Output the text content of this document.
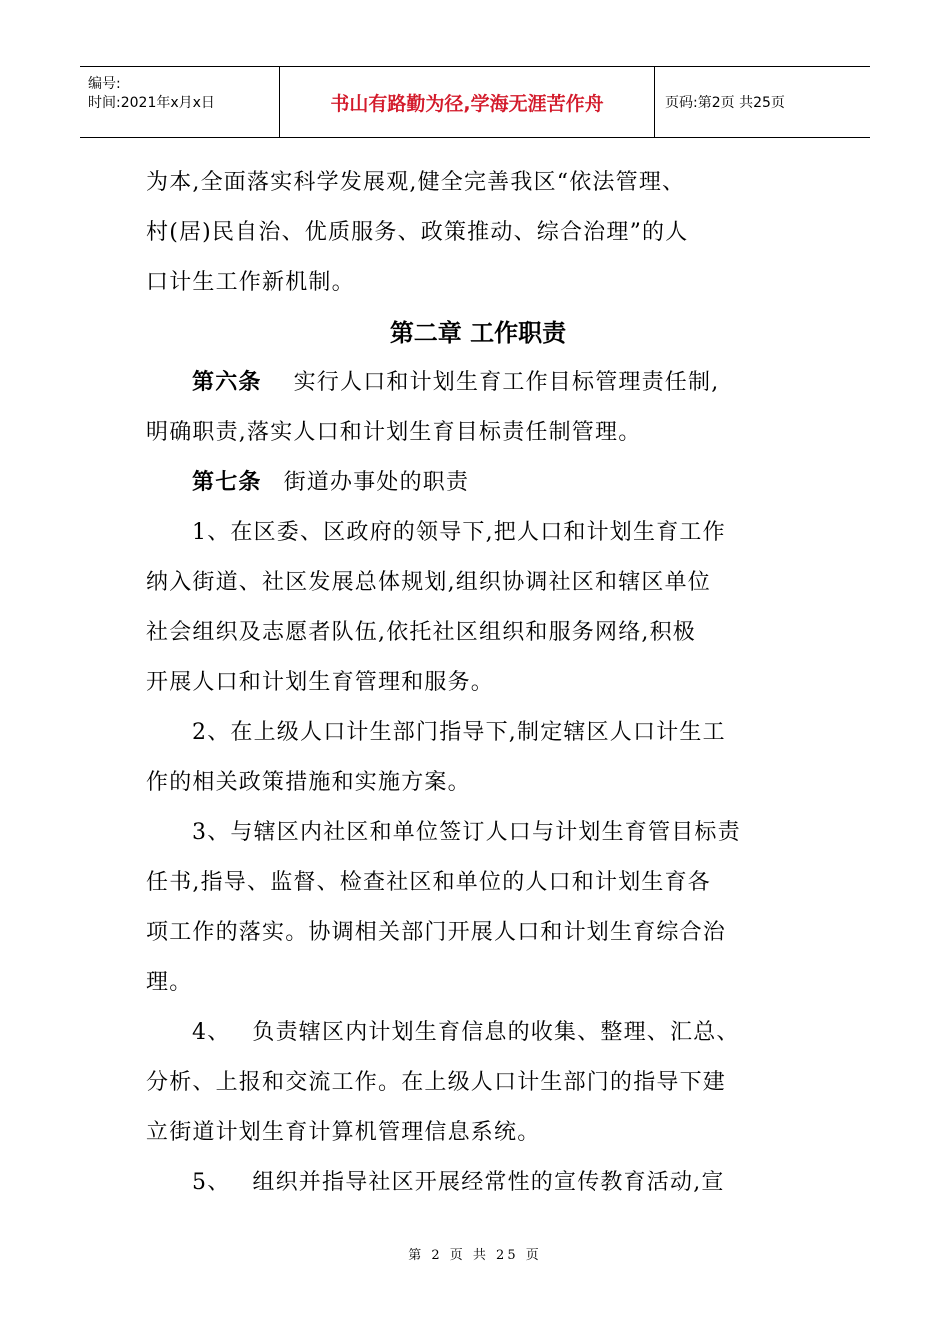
编号:
时间:2021年x月x日	书山有路勤为径,学海无涯苦作舟	页码:第2页 共25页
为本,全面落实科学发展观,健全完善我区“依法管理、
村(居)民自治、优质服务、政策推动、综合治理”的人
口计生工作新机制。
第二章 工作职责
第六条 实行人口和计划生育工作目标管理责任制,
明确职责,落实人口和计划生育目标责任制管理。
第七条 街道办事处的职责
1、在区委、区政府的领导下,把人口和计划生育工作
纳入街道、社区发展总体规划,组织协调社区和辖区单位
社会组织及志愿者队伍,依托社区组织和服务网络,积极
开展人口和计划生育管理和服务。
2、在上级人口计生部门指导下,制定辖区人口计生工
作的相关政策措施和实施方案。
3、与辖区内社区和单位签订人口与计划生育管目标责
任书,指导、监督、检查社区和单位的人口和计划生育各
项工作的落实。协调相关部门开展人口和计划生育综合治
理。
4、 负责辖区内计划生育信息的收集、整理、汇总、
分析、上报和交流工作。在上级人口计生部门的指导下建
立街道计划生育计算机管理信息系统。
5、 组织并指导社区开展经常性的宣传教育活动,宣
第 2 页 共 25 页
